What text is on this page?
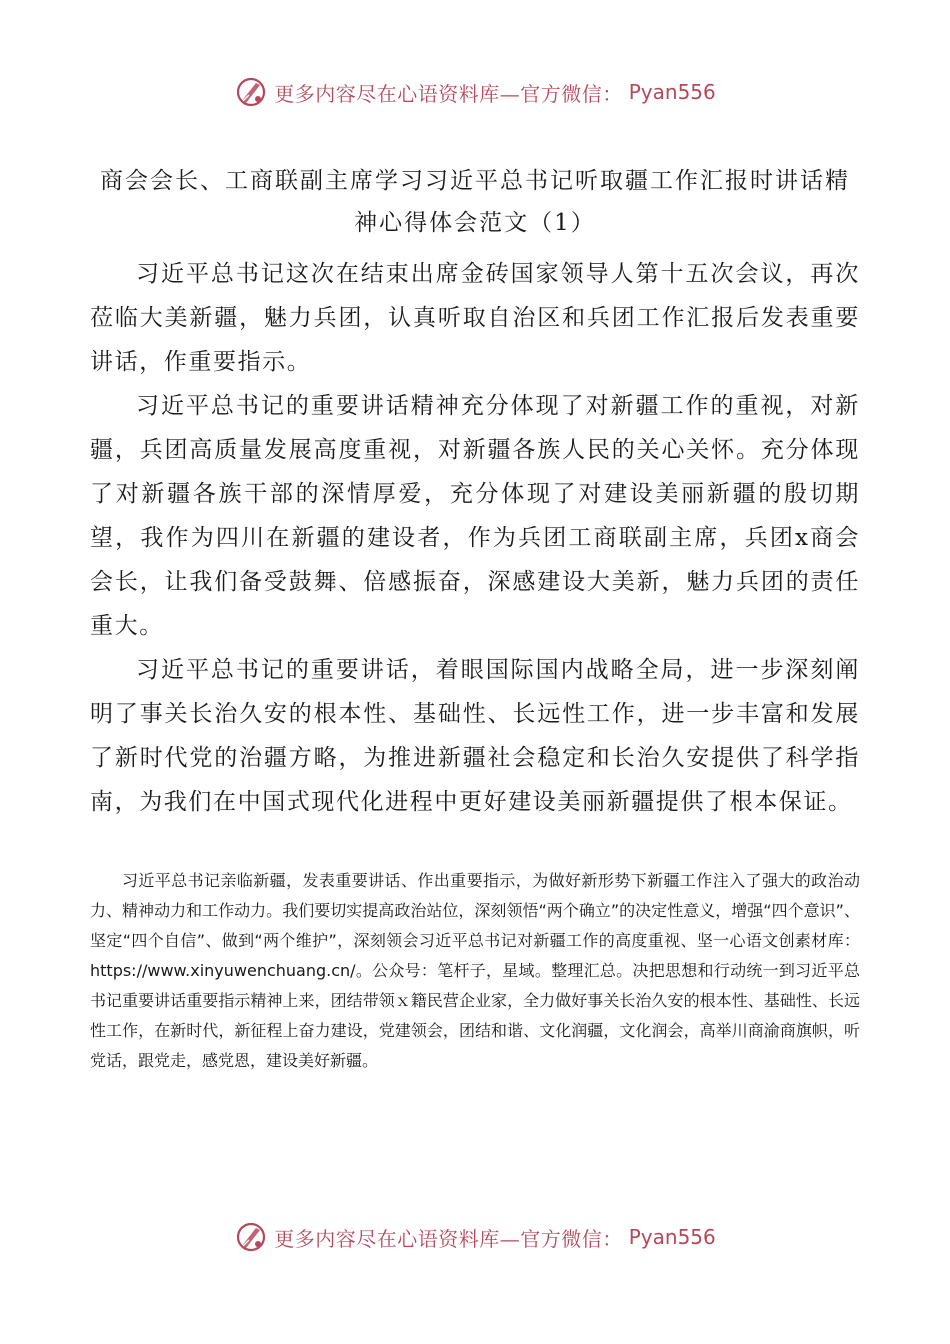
更多内容尽在心语资料库—官方微信： Pyan556
商会会长、工商联副主席学习习近平总书记听取疆工作汇报时讲话精神心得体会范文（1）

习近平总书记这次在结束出席金砖国家领导人第十五次会议，再次莅临大美新疆，魅力兵团，认真听取自治区和兵团工作汇报后发表重要讲话，作重要指示。

习近平总书记的重要讲话精神充分体现了对新疆工作的重视，对新疆，兵团高质量发展高度重视，对新疆各族人民的关心关怀。充分体现了对新疆各族干部的深情厚爱，充分体现了对建设美丽新疆的殷切期望，我作为四川在新疆的建设者，作为兵团工商联副主席，兵团x商会会长，让我们备受鼓舞、倍感振奋，深感建设大美新，魅力兵团的责任重大。

习近平总书记的重要讲话，着眼国际国内战略全局，进一步深刻阐明了事关长治久安的根本性、基础性、长远性工作，进一步丰富和发展了新时代党的治疆方略，为推进新疆社会稳定和长治久安提供了科学指南，为我们在中国式现代化进程中更好建设美丽新疆提供了根本保证。

习近平总书记亲临新疆，发表重要讲话、作出重要指示，为做好新形势下新疆工作注入了强大的政治动力、精神动力和工作动力。我们要切实提高政治站位，深刻领悟“两个确立”的决定性意义，增强“四个意识”、坚定“四个自信”、做到“两个维护”，深刻领会习近平总书记对新疆工作的高度重视、坚一心语文创素材库：https://www.xinyuwenchuang.cn/。公众号：笔杆子，星域。整理汇总。决把思想和行动统一到习近平总书记重要讲话重要指示精神上来，团结带领ｘ籍民营企业家，全力做好事关长治久安的根本性、基础性、长远性工作，在新时代，新征程上奋力建设，党建领会，团结和谐、文化润疆，文化润会，高举川商渝商旗帜，听党话，跟党走，感党恩，建设美好新疆。

更多内容尽在心语资料库—官方微信： Pyan556
